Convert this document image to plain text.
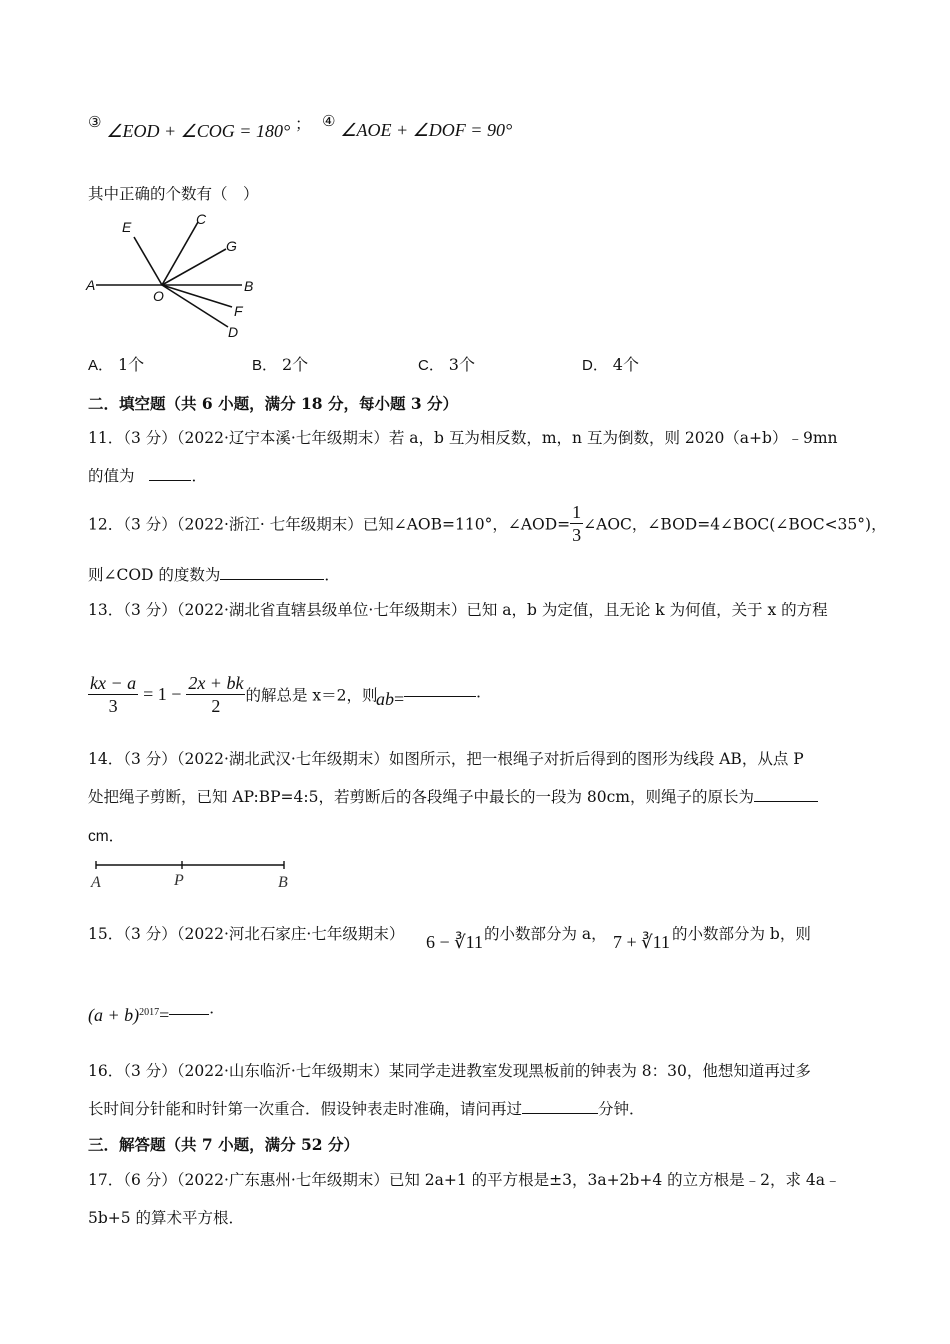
③ ∠EOD + ∠COG = 180° ； ④ ∠AOE + ∠DOF = 90°
其中正确的个数有（　）
E	C
G
A
O
B
F
D
A． 1个	B． 2个	C． 3个	D． 4个
二．填空题（共 6 小题，满分 18 分，每小题 3 分）
11．（3 分）（2022·辽宁本溪·七年级期末）若 a，b 互为相反数，m，n 互为倒数，则 2020（a+b）﹣9mn
的值为	．
12．（3 分）（2022·浙江· 七年级期末）已知∠AOB=110°，∠AOD= $\frac{1}{3}$ ∠AOC，∠BOD=4∠BOC(∠BOC<35°)，
则∠COD 的度数为	．
13．（3 分）（2022·湖北省直辖县级单位·七年级期末）已知 a，b 为定值，且无论 k 为何值，关于 x 的方程
$\frac{kx - a}{3} = 1 - \frac{2x + bk}{2}$ 的解总是 x＝2，则
ab=	．
14．（3 分）（2022·湖北武汉·七年级期末）如图所示，把一根绳子对折后得到的图形为线段 AB，从点 P
处把绳子剪断，已知 AP:BP=4:5，若剪断后的各段绳子中最长的一段为 80cm，则绳子的原长为
cm．
A	P	B
15．（3 分）（2022·河北石家庄·七年级期末） 6 − ∛11 的小数部分为 a， 7 + ∛11 的小数部分为 b，则
$(a + b)^{2017}=$	．
16．（3 分）（2022·山东临沂·七年级期末）某同学走进教室发现黑板前的钟表为 8：30，他想知道再过多
长时间分针能和时针第一次重合．假设钟表走时准确，请问再过	分钟．
三．解答题（共 7 小题，满分 52 分）
17．（6 分）（2022·广东惠州·七年级期末）已知 2a+1 的平方根是±3，3a+2b+4 的立方根是﹣2，求 4a﹣
5b+5 的算术平方根．
